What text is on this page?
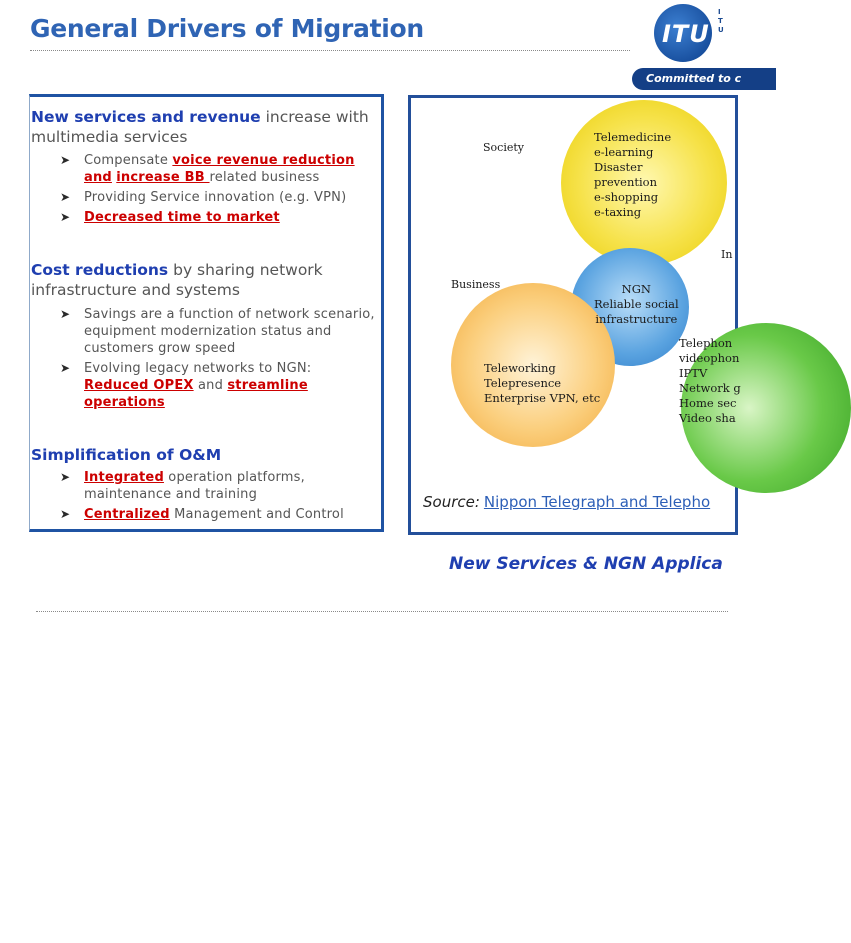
General Drivers of Migration	ITU
I
T
U
Committed to c
New services and revenue increase with multimedia services
➤ Compensate voice revenue reduction and increase BB related business
➤ Providing Service innovation (e.g. VPN)
➤ Decreased time to market
Cost reductions by sharing network infrastructure and systems
➤ Savings are a function of network scenario, equipment modernization status and customers grow speed
➤ Evolving legacy networks to NGN: Reduced OPEX and streamline operations
Simplification of O&M
➤ Integrated operation platforms, maintenance and training
➤ Centralized Management and Control
Society
Business
In
Telemedicine
e-learning
Disaster
prevention
e-shopping
e-taxing
NGN
Reliable social
infrastructure
Teleworking
Telepresence
Enterprise VPN, etc
Telephon
videophon
IPTV
Network g
Home sec
Video sha
Source: Nippon Telegraph and Telepho
New Services & NGN Applica
